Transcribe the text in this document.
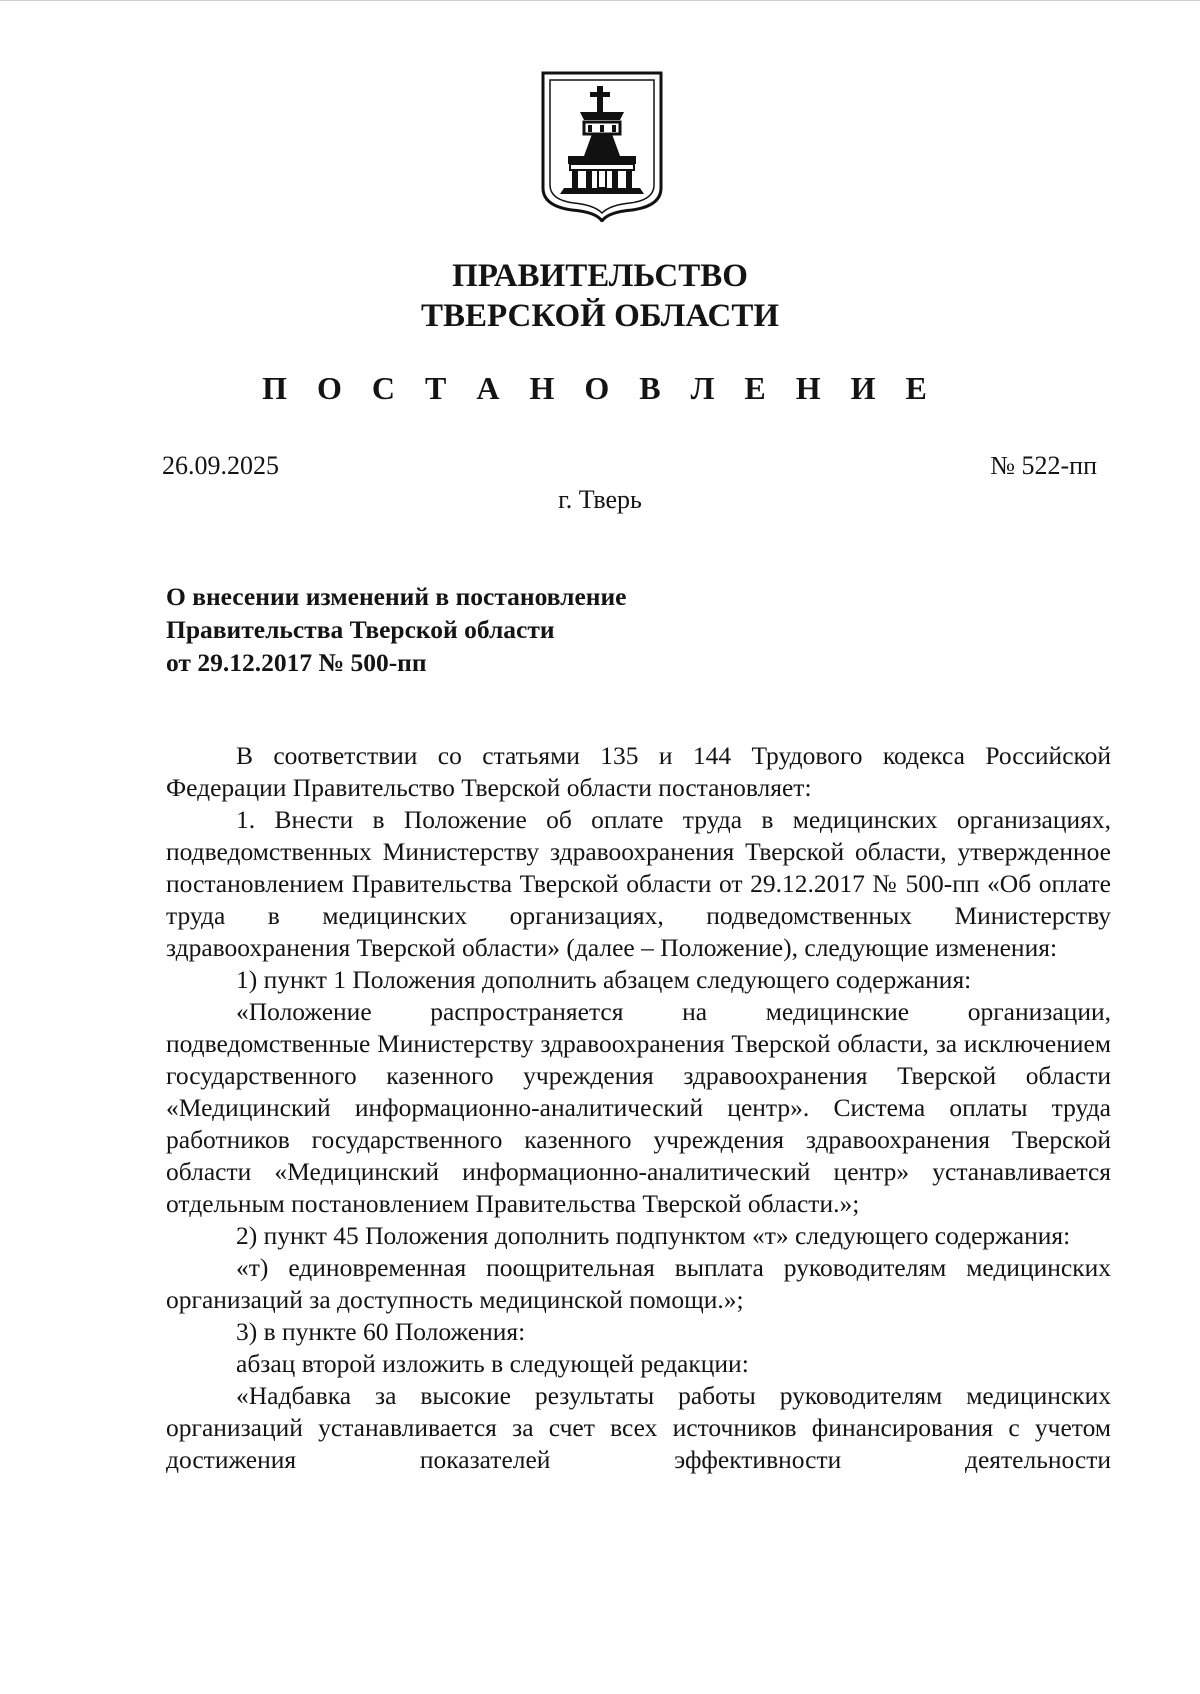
ПРАВИТЕЛЬСТВО
ТВЕРСКОЙ ОБЛАСТИ
П О С Т А Н О В Л Е Н И Е

26.09.2025	№ 522-пп

г. Тверь

О внесении изменений в постановление
Правительства Тверской области
от 29.12.2017 № 500-пп

В соответствии со статьями 135 и 144 Трудового кодекса Российской Федерации Правительство Тверской области постановляет:

1. Внести в Положение об оплате труда в медицинских организациях, подведомственных Министерству здравоохранения Тверской области, утвержденное постановлением Правительства Тверской области от 29.12.2017 № 500-пп «Об оплате труда в медицинских организациях, подведомственных Министерству здравоохранения Тверской области» (далее – Положение), следующие изменения:

1) пункт 1 Положения дополнить абзацем следующего содержания:

«Положение распространяется на медицинские организации, подведомственные Министерству здравоохранения Тверской области, за исключением государственного казенного учреждения здравоохранения Тверской области «Медицинский информационно-аналитический центр». Система оплаты труда работников государственного казенного учреждения здравоохранения Тверской области «Медицинский информационно-аналитический центр» устанавливается отдельным постановлением Правительства Тверской области.»;

2) пункт 45 Положения дополнить подпунктом «т» следующего содержания:

«т) единовременная поощрительная выплата руководителям медицинских организаций за доступность медицинской помощи.»;

3) в пункте 60 Положения:

абзац второй изложить в следующей редакции:

«Надбавка за высокие результаты работы руководителям медицинских организаций устанавливается за счет всех источников финансирования с учетом достижения показателей эффективности деятельности
